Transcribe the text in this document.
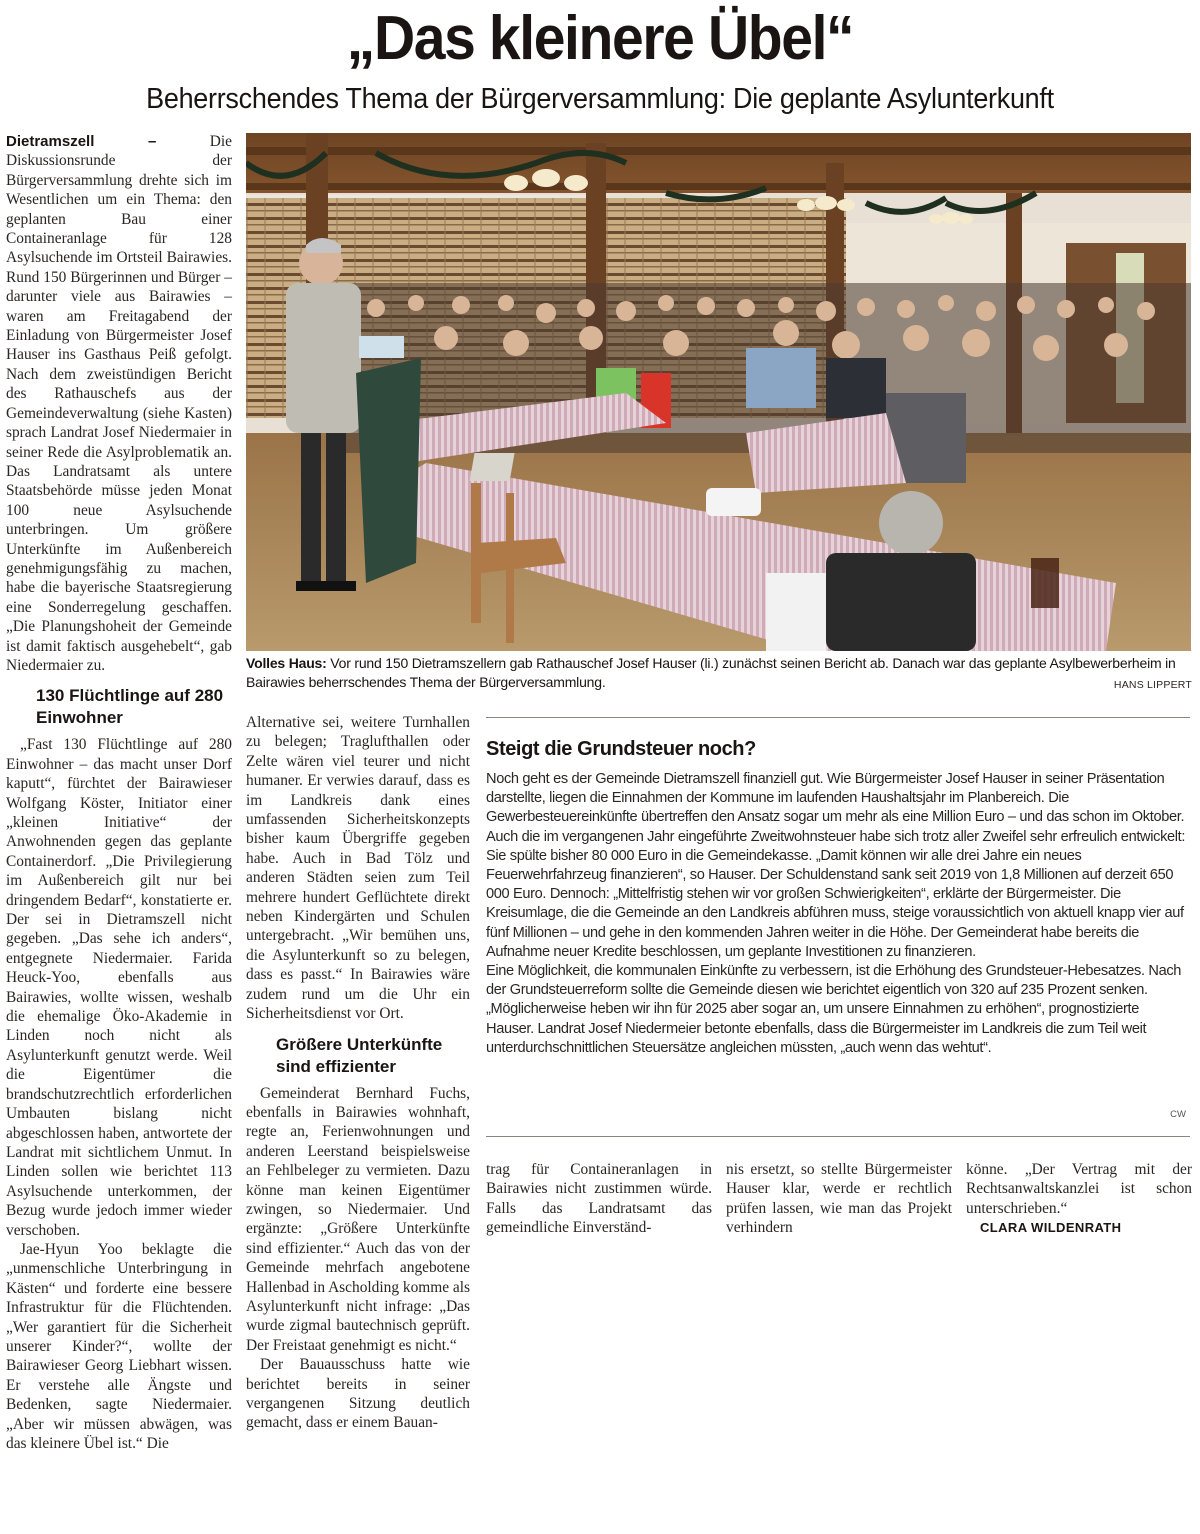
„Das kleinere Übel“
Beherrschendes Thema der Bürgerversammlung: Die geplante Asylunterkunft

Dietramszell – Die Diskussionsrunde der Bürgerversammlung drehte sich im Wesentlichen um ein Thema: den geplanten Bau einer Containeranlage für 128 Asylsuchende im Ortsteil Bairawies. Rund 150 Bürgerinnen und Bürger – darunter viele aus Bairawies – waren am Freitagabend der Einladung von Bürgermeister Josef Hauser ins Gasthaus Peiß gefolgt. Nach dem zweistündigen Bericht des Rathauschefs aus der Gemeindeverwaltung (siehe Kasten) sprach Landrat Josef Niedermaier in seiner Rede die Asylproblematik an. Das Landratsamt als untere Staatsbehörde müsse jeden Monat 100 neue Asylsuchende unterbringen. Um größere Unterkünfte im Außenbereich genehmigungsfähig zu machen, habe die bayerische Staatsregierung eine Sonderregelung geschaffen. „Die Planungshoheit der Gemeinde ist damit faktisch ausgehebelt“, gab Niedermaier zu.

130 Flüchtlinge auf 280 Einwohner

„Fast 130 Flüchtlinge auf 280 Einwohner – das macht unser Dorf kaputt“, fürchtet der Bairawieser Wolfgang Köster, Initiator einer „kleinen Initiative“ der Anwohnenden gegen das geplante Containerdorf. „Die Privilegierung im Außenbereich gilt nur bei dringendem Bedarf“, konstatierte er. Der sei in Dietramszell nicht gegeben. „Das sehe ich anders“, entgegnete Niedermaier. Farida Heuck-Yoo, ebenfalls aus Bairawies, wollte wissen, weshalb die ehemalige Öko-Akademie in Linden noch nicht als Asylunterkunft genutzt werde. Weil die Eigentümer die brandschutzrechtlich erforderlichen Umbauten bislang nicht abgeschlossen haben, antwortete der Landrat mit sichtlichem Unmut. In Linden sollen wie berichtet 113 Asylsuchende unterkommen, der Bezug wurde jedoch immer wieder verschoben.

Jae-Hyun Yoo beklagte die „unmenschliche Unterbringung in Kästen“ und forderte eine bessere Infrastruktur für die Flüchtenden. „Wer garantiert für die Sicherheit unserer Kinder?“, wollte der Bairawieser Georg Liebhart wissen. Er verstehe alle Ängste und Bedenken, sagte Niedermaier. „Aber wir müssen abwägen, was das kleinere Übel ist.“ Die

Volles Haus: Vor rund 150 Dietramszellern gab Rathauschef Josef Hauser (li.) zunächst seinen Bericht ab. Danach war das geplante Asylbewerberheim in Bairawies beherrschendes Thema der Bürgerversammlung.	HANS LIPPERT

Alternative sei, weitere Turnhallen zu belegen; Traglufthallen oder Zelte wären viel teurer und nicht humaner. Er verwies darauf, dass es im Landkreis dank eines umfassenden Sicherheitskonzepts bisher kaum Übergriffe gegeben habe. Auch in Bad Tölz und anderen Städten seien zum Teil mehrere hundert Geflüchtete direkt neben Kindergärten und Schulen untergebracht. „Wir bemühen uns, die Asylunterkunft so zu belegen, dass es passt.“ In Bairawies wäre zudem rund um die Uhr ein Sicherheitsdienst vor Ort.

Größere Unterkünfte sind effizienter

Gemeinderat Bernhard Fuchs, ebenfalls in Bairawies wohnhaft, regte an, Ferienwohnungen und anderen Leerstand beispielsweise an Fehlbeleger zu vermieten. Dazu könne man keinen Eigentümer zwingen, so Niedermaier. Und ergänzte: „Größere Unterkünfte sind effizienter.“ Auch das von der Gemeinde mehrfach angebotene Hallenbad in Ascholding komme als Asylunterkunft nicht infrage: „Das wurde zigmal bautechnisch geprüft. Der Freistaat genehmigt es nicht.“

Der Bauausschuss hatte wie berichtet bereits in seiner vergangenen Sitzung deutlich gemacht, dass er einem Bauan-

Steigt die Grundsteuer noch?

Noch geht es der Gemeinde Dietramszell finanziell gut. Wie Bürgermeister Josef Hauser in seiner Präsentation darstellte, liegen die Einnahmen der Kommune im laufenden Haushaltsjahr im Planbereich. Die Gewerbesteuereinkünfte übertreffen den Ansatz sogar um mehr als eine Million Euro – und das schon im Oktober. Auch die im vergangenen Jahr eingeführte Zweitwohnsteuer habe sich trotz aller Zweifel sehr erfreulich entwickelt: Sie spülte bisher 80 000 Euro in die Gemeindekasse. „Damit können wir alle drei Jahre ein neues Feuerwehrfahrzeug finanzieren“, so Hauser. Der Schuldenstand sank seit 2019 von 1,8 Millionen auf derzeit 650 000 Euro. Dennoch: „Mittelfristig stehen wir vor großen Schwierigkeiten“, erklärte der Bürgermeister. Die Kreisumlage, die die Gemeinde an den Landkreis abführen muss, steige voraussichtlich von aktuell knapp vier auf fünf Millionen – und gehe in den kommenden Jahren weiter in die Höhe. Der Gemeinderat habe bereits die Aufnahme neuer Kredite beschlossen, um geplante Investitionen zu finanzieren.

Eine Möglichkeit, die kommunalen Einkünfte zu verbessern, ist die Erhöhung des Grundsteuer-Hebesatzes. Nach der Grundsteuerreform sollte die Gemeinde diesen wie berichtet eigentlich von 320 auf 235 Prozent senken. „Möglicherweise heben wir ihn für 2025 aber sogar an, um unsere Einnahmen zu erhöhen“, prognostizierte Hauser. Landrat Josef Niedermeier betonte ebenfalls, dass die Bürgermeister im Landkreis die zum Teil weit unterdurchschnittlichen Steuersätze angleichen müssten, „auch wenn das wehtut“.

CW

trag für Containeranlagen in Bairawies nicht zustimmen würde. Falls das Landratsamt das gemeindliche Einverständ-

nis ersetzt, so stellte Bürgermeister Hauser klar, werde er rechtlich prüfen lassen, wie man das Projekt verhindern

könne. „Der Vertrag mit der Rechtsanwaltskanzlei ist schon unterschrieben.“

CLARA WILDENRATH
